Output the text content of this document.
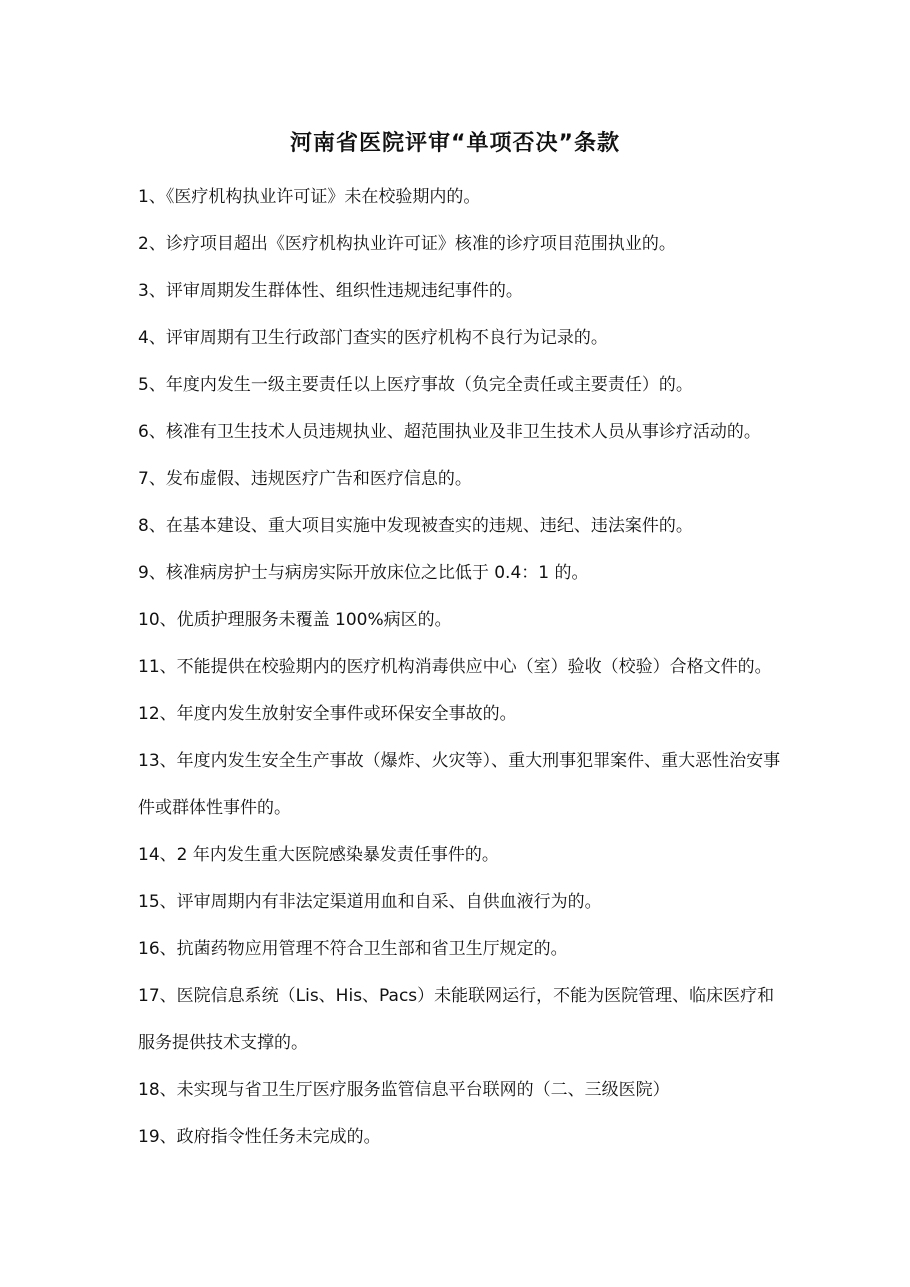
河南省医院评审“单项否决”条款
1、《医疗机构执业许可证》未在校验期内的。
2、诊疗项目超出《医疗机构执业许可证》核准的诊疗项目范围执业的。
3、评审周期发生群体性、组织性违规违纪事件的。
4、评审周期有卫生行政部门查实的医疗机构不良行为记录的。
5、年度内发生一级主要责任以上医疗事故（负完全责任或主要责任）的。
6、核准有卫生技术人员违规执业、超范围执业及非卫生技术人员从事诊疗活动的。
7、发布虚假、违规医疗广告和医疗信息的。
8、在基本建设、重大项目实施中发现被查实的违规、违纪、违法案件的。
9、核准病房护士与病房实际开放床位之比低于 0.4：1 的。
10、优质护理服务未覆盖 100%病区的。
11、不能提供在校验期内的医疗机构消毒供应中心（室）验收（校验）合格文件的。
12、年度内发生放射安全事件或环保安全事故的。
13、年度内发生安全生产事故（爆炸、火灾等）、重大刑事犯罪案件、重大恶性治安事件或群体性事件的。
14、2 年内发生重大医院感染暴发责任事件的。
15、评审周期内有非法定渠道用血和自采、自供血液行为的。
16、抗菌药物应用管理不符合卫生部和省卫生厅规定的。
17、医院信息系统（Lis、His、Pacs）未能联网运行，不能为医院管理、临床医疗和服务提供技术支撑的。
18、未实现与省卫生厅医疗服务监管信息平台联网的（二、三级医院）
19、政府指令性任务未完成的。
